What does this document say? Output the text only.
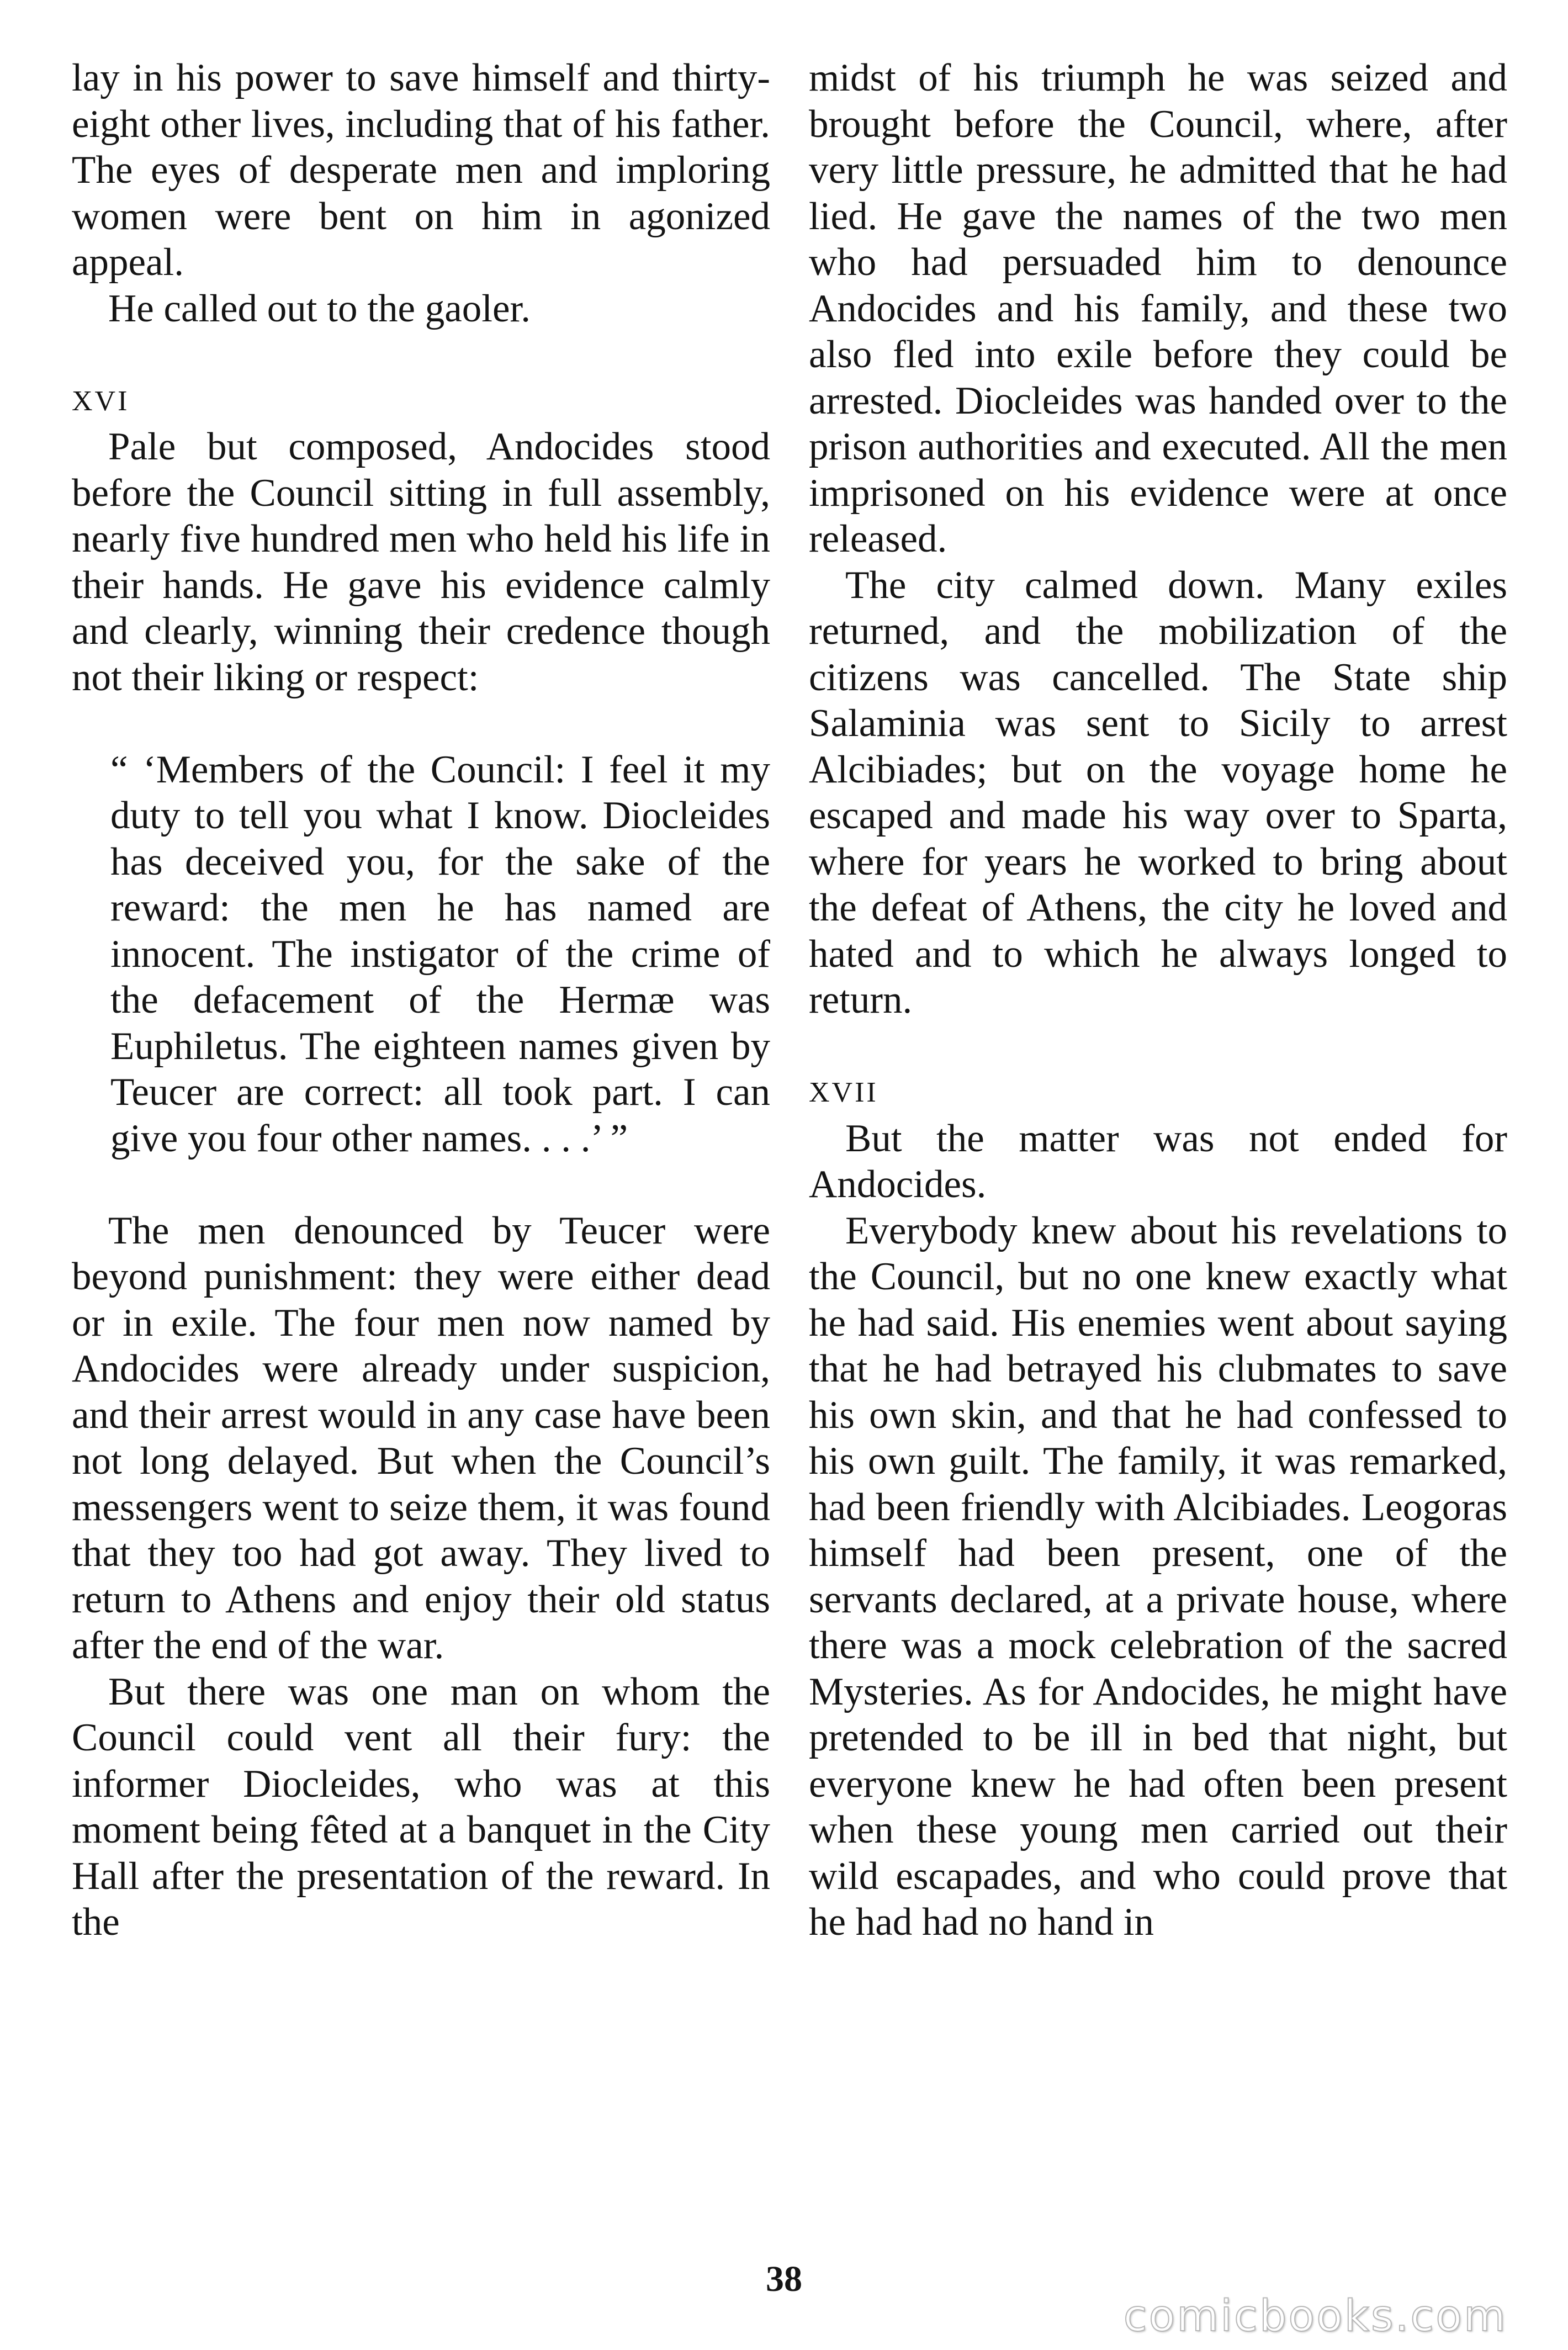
lay in his power to save himself and thirty-eight other lives, including that of his father. The eyes of desperate men and imploring women were bent on him in agonized appeal.

He called out to the gaoler.

XVI

Pale but composed, Andocides stood before the Council sitting in full assembly, nearly five hundred men who held his life in their hands. He gave his evidence calmly and clearly, winning their credence though not their liking or respect:

“ ‘Members of the Council: I feel it my duty to tell you what I know. Diocleides has deceived you, for the sake of the reward: the men he has named are innocent. The instigator of the crime of the defacement of the Hermæ was Euphiletus. The eighteen names given by Teucer are correct: all took part. I can give you four other names. . . .’ ”

The men denounced by Teucer were beyond punishment: they were either dead or in exile. The four men now named by Andocides were already under suspicion, and their arrest would in any case have been not long delayed. But when the Council’s messengers went to seize them, it was found that they too had got away. They lived to return to Athens and enjoy their old status after the end of the war.

But there was one man on whom the Council could vent all their fury: the informer Diocleides, who was at this moment being fêted at a banquet in the City Hall after the presentation of the reward. In the

midst of his triumph he was seized and brought before the Council, where, after very little pressure, he admitted that he had lied. He gave the names of the two men who had persuaded him to denounce Andocides and his family, and these two also fled into exile before they could be arrested. Diocleides was handed over to the prison authorities and executed. All the men imprisoned on his evidence were at once released.

The city calmed down. Many exiles returned, and the mobilization of the citizens was cancelled. The State ship Salaminia was sent to Sicily to arrest Alcibiades; but on the voyage home he escaped and made his way over to Sparta, where for years he worked to bring about the defeat of Athens, the city he loved and hated and to which he always longed to return.

XVII

But the matter was not ended for Andocides.

Everybody knew about his revelations to the Council, but no one knew exactly what he had said. His enemies went about saying that he had betrayed his clubmates to save his own skin, and that he had confessed to his own guilt. The family, it was remarked, had been friendly with Alcibiades. Leogoras himself had been present, one of the servants declared, at a private house, where there was a mock celebration of the sacred Mysteries. As for Andocides, he might have pretended to be ill in bed that night, but everyone knew he had often been present when these young men carried out their wild escapades, and who could prove that he had had no hand in

38
comicbooks.com
